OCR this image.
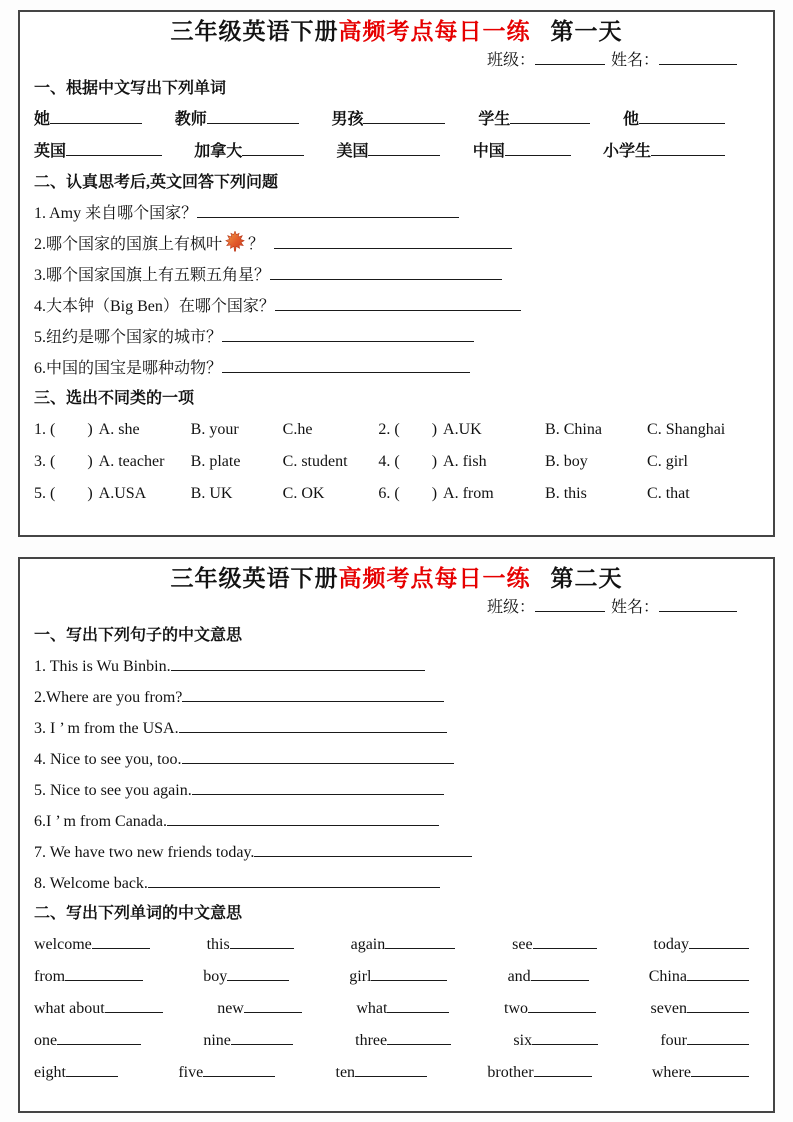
三年级英语下册高频考点每日一练 第一天
班级：	姓名：
一、根据中文写出下列单词
她	教师	男孩	学生	他
英国	加拿大	美国	中国	小学生
二、认真思考后,英文回答下列问题
1. Amy 来自哪个国家？
2.哪个国家的国旗上有枫叶 ？
3.哪个国家国旗上有五颗五角星？
4.大本钟（Big Ben）在哪个国家？
5.纽约是哪个国家的城市？
6.中国的国宝是哪种动物？
三、选出不同类的一项
1. (        ) A. she	B. your	C.he	2. (        ) A.UK	B. China	C. Shanghai
3. (        ) A. teacher	B. plate	C. student 4. (        ) A. fish	B. boy	C. girl
5. (        ) A.USA	B. UK	C. OK	6. (        ) A. from	B. this	C. that
三年级英语下册高频考点每日一练 第二天
班级：	姓名：
一、写出下列句子的中文意思
1. This is Wu Binbin.
2.Where are you from?
3. I ’ m from the USA.
4. Nice to see you, too.
5. Nice to see you again.
6.I ’ m from Canada.
7. We have two new friends today.
8. Welcome back.
二、写出下列单词的中文意思
welcome	this	again	see	today
from	boy	girl	and	China
what about	new	what	two	seven
one	nine	three	six	four
eight	five	ten	brother	where
